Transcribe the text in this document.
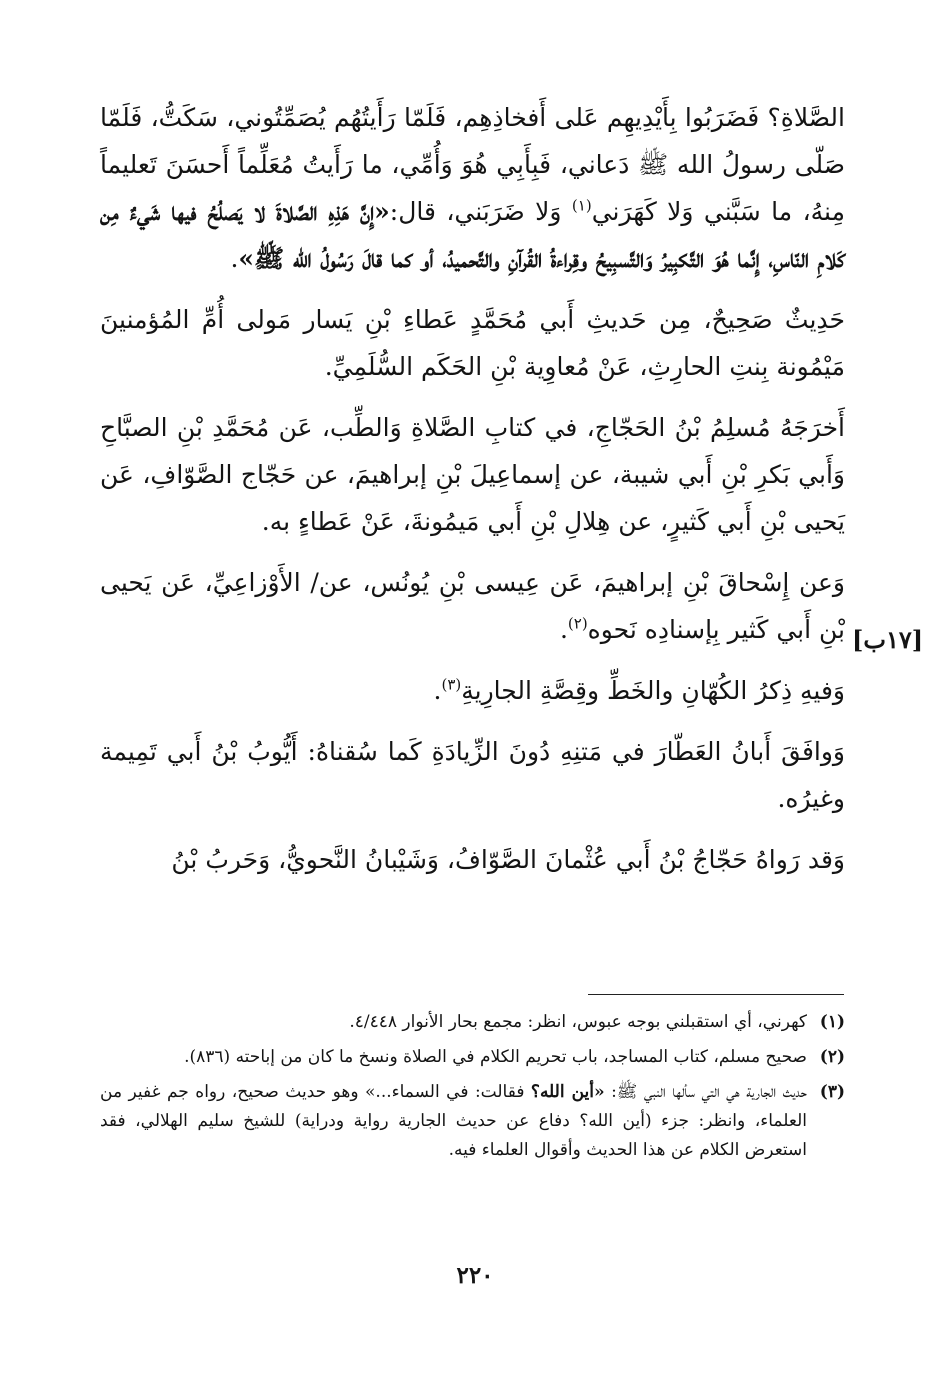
الصَّلاةِ؟ فَضَرَبُوا بِأَيْدِيهِم عَلى أَفخاذِهِم، فَلَمّا رَأَيتُهُم يُصَمِّتُوني، سَكَتُّ، فَلَمّا صَلّى رسولُ الله ﷺ دَعاني، فَبِأَبِي هُوَ وَأُمِّي، ما رَأَيتُ مُعَلِّماً أَحسَنَ تَعليماً مِنهُ، ما سَبَّني وَلا كَهَرَني$^{(١)}$ وَلا ضَرَبَني، قال:«إِنَّ هَذِهِ الصَّلاةَ لا يَصلُحُ فيها شَيءٌ مِن كَلامِ النّاسِ، إِنَّما هُوَ التَّكبِيرُ وَالتَّسبِيحُ وقِراءةُ القُرآنِ والتَّحميدُ، أو كما قالَ رَسُولُ الله ﷺ».

حَدِيثٌ صَحِيحٌ، مِن حَديثِ أَبي مُحَمَّدٍ عَطاءِ بْنِ يَسار مَولى أُمِّ المُؤمنينَ مَيْمُونة بِنتِ الحارِثِ، عَنْ مُعاوِية بْنِ الحَكَم السُّلَمِيِّ.

أَخرَجَهُ مُسلِمُ بْنُ الحَجّاجِ، في كتابِ الصَّلاةِ وَالطِّب، عَن مُحَمَّدِ بْنِ الصبَّاحِ وَأَبي بَكرِ بْنِ أَبي شيبة، عن إسماعِيلَ بْنِ إبراهيمَ، عن حَجّاج الصَّوّافِ، عَن يَحيى بْنِ أَبي كَثيرٍ، عن هِلالِ بْنِ أَبي مَيمُونةَ، عَنْ عَطاءٍ به.

وَعن إِسْحاقَ بْنِ إبراهيمَ، عَن عِيسى بْنِ يُونُس، عن/ الأَوْزاعِيِّ، عَن يَحيى بْنِ أَبي كَثير بِإسنادِه نَحوه$^{(٢)}$.

وَفيهِ ذِكرُ الكُهّانِ والخَطِّ وقِصَّةِ الجارِيةِ$^{(٣)}$.

وَوافَقَ أَبانُ العَطّارَ في مَتنِهِ دُونَ الزِّيادَةِ كَما سُقناهُ: أَيُّوبُ بْنُ أَبي تَمِيمة وغيرُه.

وَقد رَواهُ حَجّاجُ بْنُ أَبي عُثْمانَ الصَّوّافُ، وَشَيْبانُ النَّحويُّ، وَحَربُ بْنُ

[١٧ب]
(١)
كهرني، أي استقبلني بوجه عبوس، انظر: مجمع بحار الأنوار ٤/٤٤٨.
(٢)
صحيح مسلم، كتاب المساجد، باب تحريم الكلام في الصلاة ونسخ ما كان من إباحته (٨٣٦).
(٣)
حديث الجارية هي التي سألها النبي ﷺ: «أين الله؟ فقالت: في السماء...» وهو حديث صحيح، رواه جم غفير من العلماء، وانظر: جزء (أين الله؟ دفاع عن حديث الجارية رواية ودراية) للشيخ سليم الهلالي، فقد استعرض الكلام عن هذا الحديث وأقوال العلماء فيه.
٢٢٠
